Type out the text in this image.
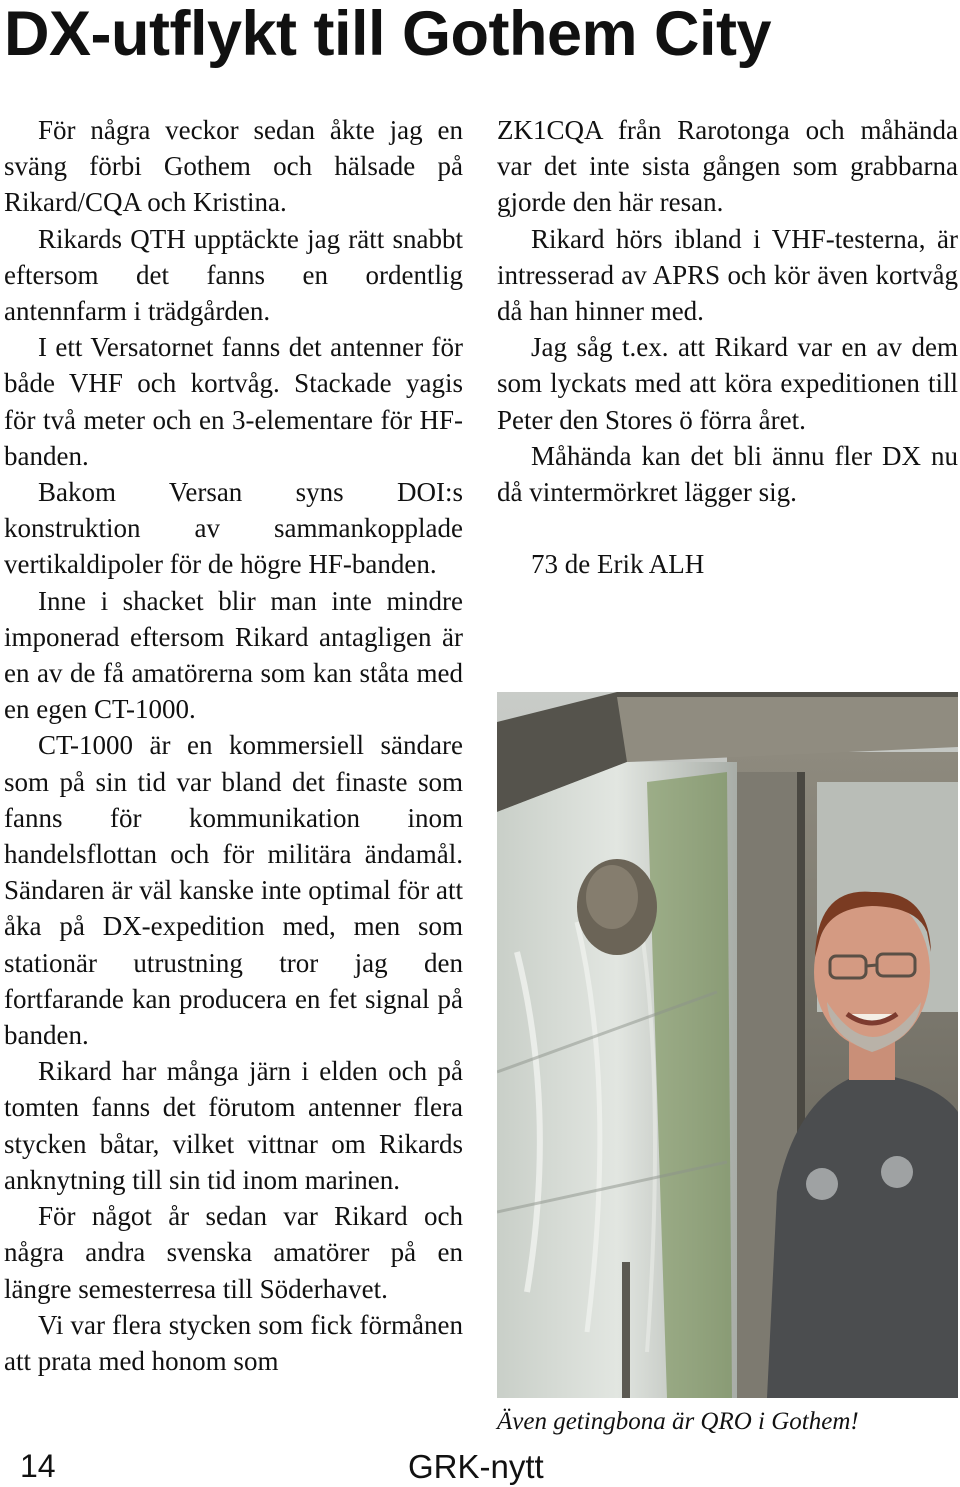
DX-utflykt till Gothem City

För några veckor sedan åkte jag en sväng förbi Gothem och hälsade på Rikard/CQA och Kristina.

Rikards QTH upptäckte jag rätt snabbt eftersom det fanns en ordentlig antennfarm i trädgården.

I ett Versatornet fanns det antenner för både VHF och kortvåg. Stackade yagis för två meter och en 3-elementare för HF-banden.

Bakom Versan syns DOI:s konstruktion av sammankopplade vertikaldipoler för de högre HF-banden.

Inne i shacket blir man inte mindre imponerad eftersom Rikard antagligen är en av de få amatörerna som kan ståta med en egen CT-1000.

CT-1000 är en kommersiell sändare som på sin tid var bland det finaste som fanns för kommunikation inom handelsflottan och för militära ändamål. Sändaren är väl kanske inte optimal för att åka på DX-expedition med, men som stationär utrustning tror jag den fortfarande kan producera en fet signal på banden.

Rikard har många järn i elden och på tomten fanns det förutom antenner flera stycken båtar, vilket vittnar om Rikards anknytning till sin tid inom marinen.

För något år sedan var Rikard och några andra svenska amatörer på en längre semesterresa till Söderhavet.

Vi var flera stycken som fick förmånen att prata med honom som

ZK1CQA från Rarotonga och måhända var det inte sista gången som grabbarna gjorde den här resan.

Rikard hörs ibland i VHF-testerna, är intresserad av APRS och kör även kortvåg då han hinner med.

Jag såg t.ex. att Rikard var en av dem som lyckats med att köra expeditionen till Peter den Stores ö förra året.

Måhända kan det bli ännu fler DX nu då vintermörkret lägger sig.

73 de Erik ALH

Även getingbona är QRO i Gothem!

14	GRK-nytt
